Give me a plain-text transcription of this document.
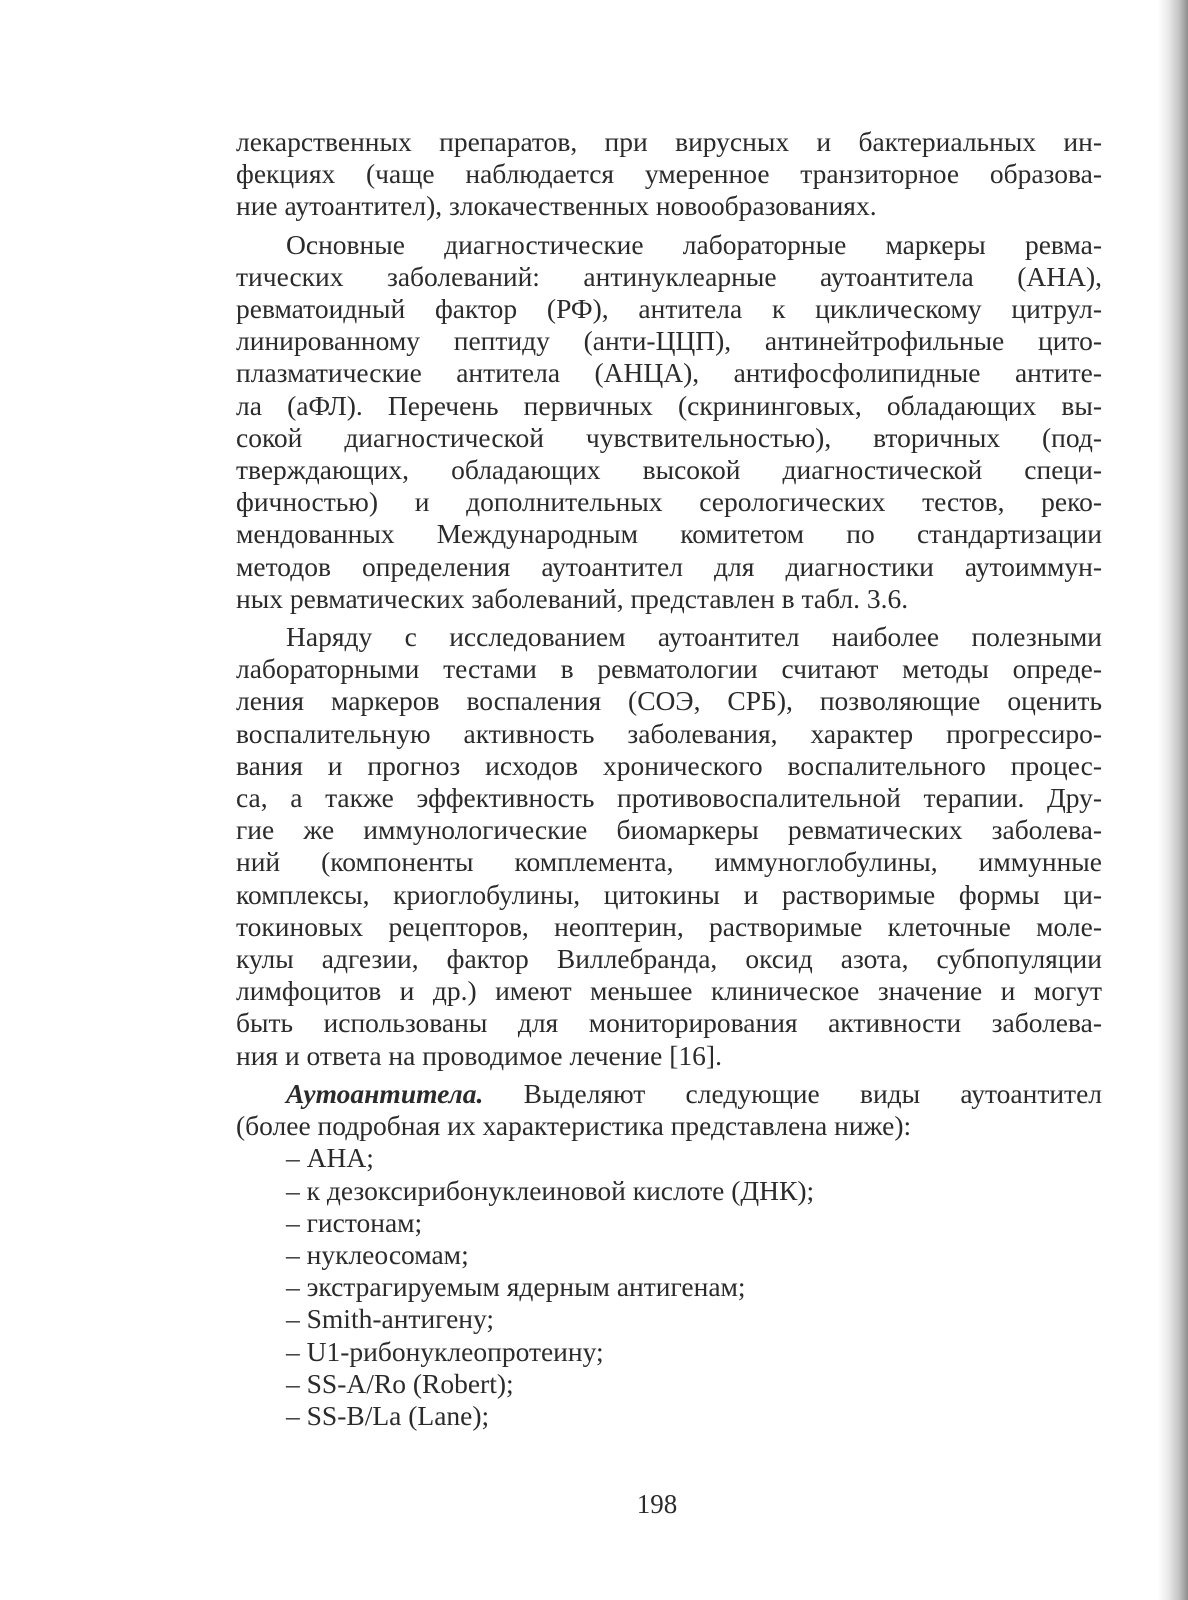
лекарственных препаратов, при вирусных и бактериальных ин-
фекциях (чаще наблюдается умеренное транзиторное образова-
ние аутоантител), злокачественных новообразованиях.
Основные диагностические лабораторные маркеры ревма-
тических заболеваний: антинуклеарные аутоантитела (АНА),
ревматоидный фактор (РФ), антитела к циклическому цитрул-
линированному пептиду (анти-ЦЦП), антинейтрофильные цито-
плазматические антитела (АНЦА), антифосфолипидные антите-
ла (аФЛ). Перечень первичных (скрининговых, обладающих вы-
сокой диагностической чувствительностью), вторичных (под-
тверждающих, обладающих высокой диагностической специ-
фичностью) и дополнительных серологических тестов, реко-
мендованных Международным комитетом по стандартизации
методов определения аутоантител для диагностики аутоиммун-
ных ревматических заболеваний, представлен в табл. 3.6.
Наряду с исследованием аутоантител наиболее полезными
лабораторными тестами в ревматологии считают методы опреде-
ления маркеров воспаления (СОЭ, СРБ), позволяющие оценить
воспалительную активность заболевания, характер прогрессиро-
вания и прогноз исходов хронического воспалительного процес-
са, а также эффективность противовоспалительной терапии. Дру-
гие же иммунологические биомаркеры ревматических заболева-
ний (компоненты комплемента, иммуноглобулины, иммунные
комплексы, криоглобулины, цитокины и растворимые формы ци-
токиновых рецепторов, неоптерин, растворимые клеточные моле-
кулы адгезии, фактор Виллебранда, оксид азота, субпопуляции
лимфоцитов и др.) имеют меньшее клиническое значение и могут
быть использованы для мониторирования активности заболева-
ния и ответа на проводимое лечение [16].
Аутоантитела. Выделяют следующие виды аутоантител
(более подробная их характеристика представлена ниже):
– АНА;
– к дезоксирибонуклеиновой кислоте (ДНК);
– гистонам;
– нуклеосомам;
– экстрагируемым ядерным антигенам;
– Smith-антигену;
– U1-рибонуклеопротеину;
– SS-A/Ro (Robert);
– SS-B/La (Lane);
198
